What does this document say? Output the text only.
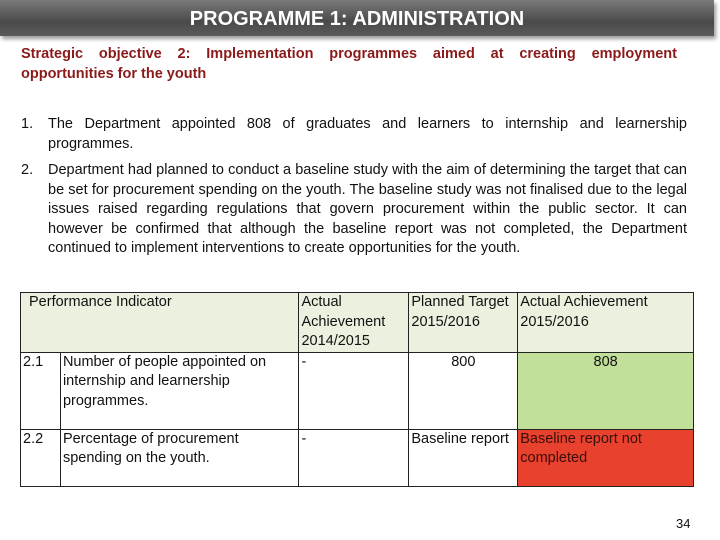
PROGRAMME 1: ADMINISTRATION
Strategic objective 2: Implementation programmes aimed at creating employment opportunities for the youth
1. The Department appointed 808 of graduates and learners to internship and learnership programmes.
2. Department had planned to conduct a baseline study with the aim of determining the target that can be set for procurement spending on the youth. The baseline study was not finalised due to the legal issues raised regarding regulations that govern procurement within the public sector. It can however be confirmed that although the baseline report was not completed, the Department continued to implement interventions to create opportunities for the youth.
Performance Indicator		Actual Achievement 2014/2015	Planned Target 2015/2016	Actual Achievement 2015/2016
2.1	Number of people appointed on internship and learnership programmes.	-	800	808
2.2	Percentage of procurement spending on the youth.	-	Baseline report	Baseline report not completed
34
